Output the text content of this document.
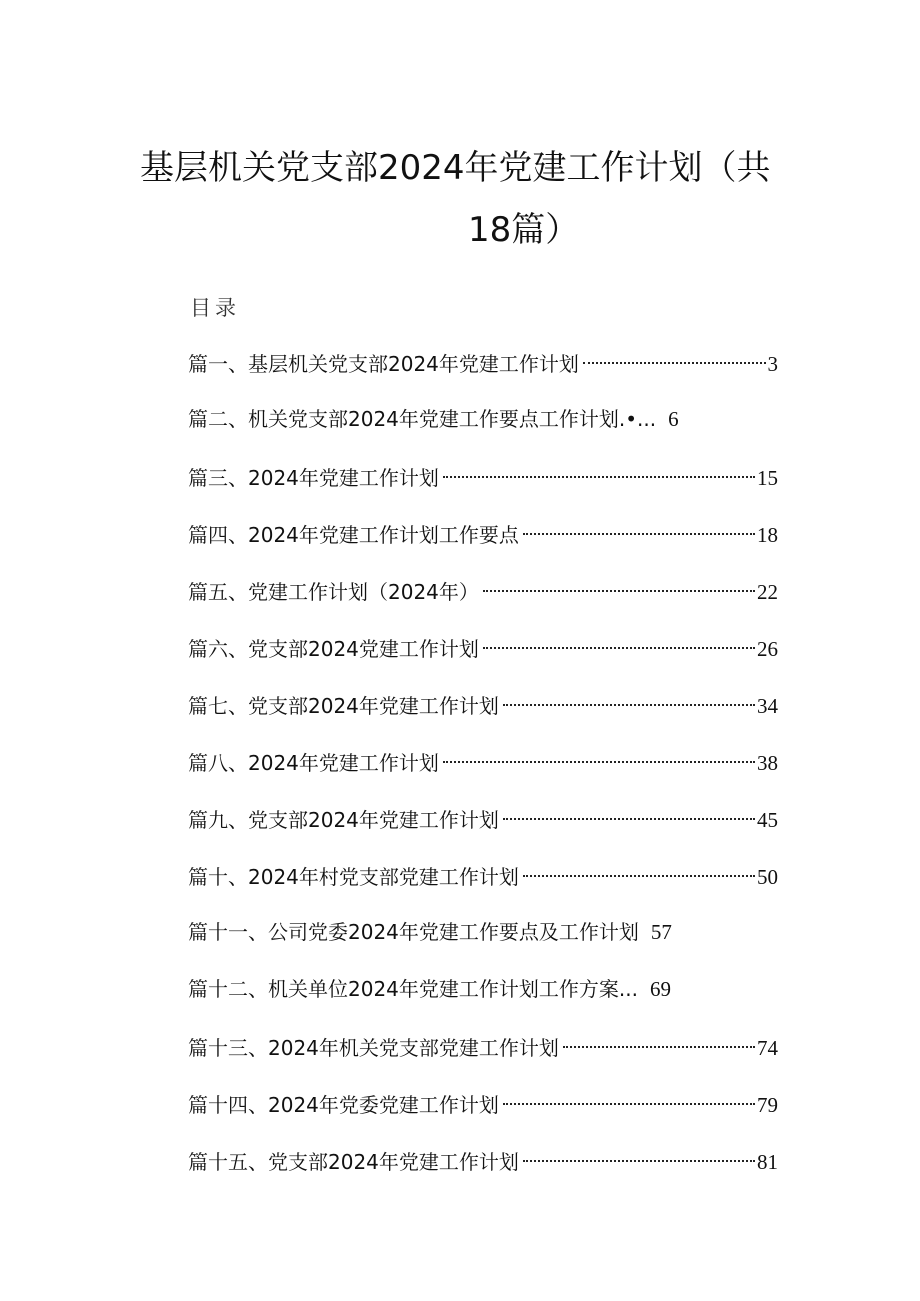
基层机关党支部2024年党建工作计划（共
18篇）
目录
篇一、基层机关党支部2024年党建工作计划	3
篇二、机关党支部2024年党建工作要点工作计划.•... 6
篇三、2024年党建工作计划	15
篇四、2024年党建工作计划工作要点	18
篇五、党建工作计划（2024年）	22
篇六、党支部2024党建工作计划	26
篇七、党支部2024年党建工作计划	34
篇八、2024年党建工作计划	38
篇九、党支部2024年党建工作计划	45
篇十、2024年村党支部党建工作计划	50
篇十一、公司党委2024年党建工作要点及工作计划 57
篇十二、机关单位2024年党建工作计划工作方案... 69
篇十三、2024年机关党支部党建工作计划	74
篇十四、2024年党委党建工作计划	79
篇十五、党支部2024年党建工作计划	81
